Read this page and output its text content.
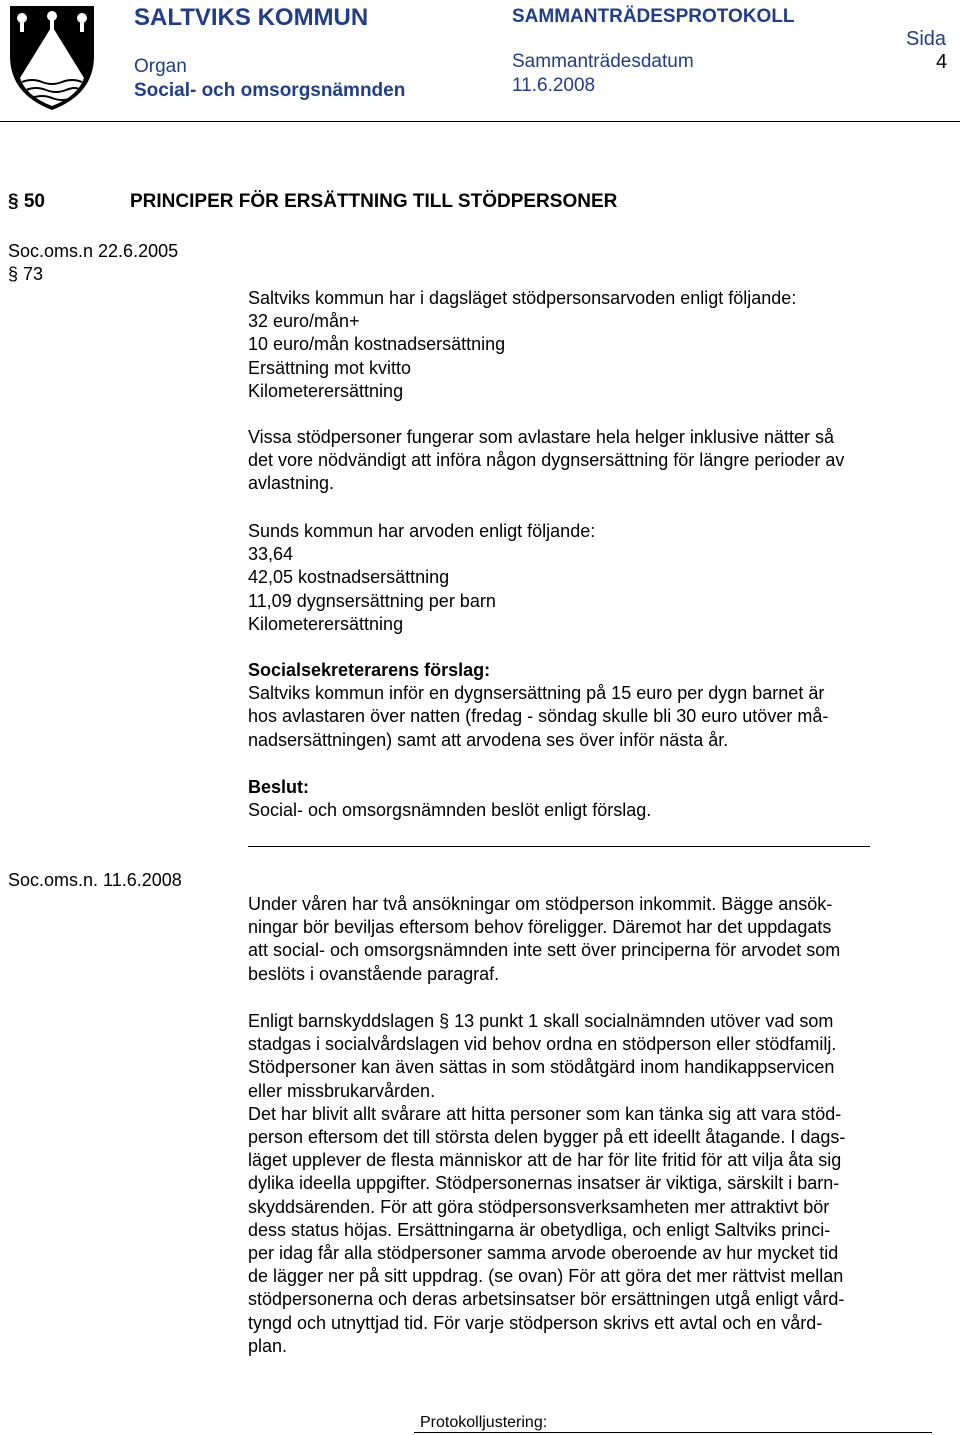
SALTVIKS KOMMUN
Organ
Social- och omsorgsnämnden
SAMMANTRÄDESPROTOKOLL
Sammanträdesdatum
11.6.2008
Sida
4
§ 50	PRINCIPER FÖR ERSÄTTNING TILL STÖDPERSONER
Soc.oms.n 22.6.2005
§ 73
Saltviks kommun har i dagsläget stödpersonsarvoden enligt följande:
32 euro/mån+
10 euro/mån kostnadsersättning
Ersättning mot kvitto
Kilometerersättning
Vissa stödpersoner fungerar som avlastare hela helger inklusive nätter så
det vore nödvändigt att införa någon dygnsersättning för längre perioder av
avlastning.
Sunds kommun har arvoden enligt följande:
33,64
42,05 kostnadsersättning
11,09 dygnsersättning per barn
Kilometerersättning
Socialsekreterarens förslag:
Saltviks kommun inför en dygnsersättning på 15 euro per dygn barnet är
hos avlastaren över natten (fredag - söndag skulle bli 30 euro utöver må-
nadsersättningen) samt att arvodena ses över inför nästa år.
Beslut:
Social- och omsorgsnämnden beslöt enligt förslag.
Soc.oms.n. 11.6.2008
Under våren har två ansökningar om stödperson inkommit. Bägge ansök-
ningar bör beviljas eftersom behov föreligger. Däremot har det uppdagats
att social- och omsorgsnämnden inte sett över principerna för arvodet som
beslöts i ovanstående paragraf.
Enligt barnskyddslagen § 13 punkt 1 skall socialnämnden utöver vad som
stadgas i socialvårdslagen vid behov ordna en stödperson eller stödfamilj.
Stödpersoner kan även sättas in som stödåtgärd inom handikappservicen
eller missbrukarvården.
Det har blivit allt svårare att hitta personer som kan tänka sig att vara stöd-
person eftersom det till största delen bygger på ett ideellt åtagande. I dags-
läget upplever de flesta människor att de har för lite fritid för att vilja åta sig
dylika ideella uppgifter. Stödpersonernas insatser är viktiga, särskilt i barn-
skyddsärenden. För att göra stödpersonsverksamheten mer attraktivt bör
dess status höjas. Ersättningarna är obetydliga, och enligt Saltviks princi-
per idag får alla stödpersoner samma arvode oberoende av hur mycket tid
de lägger ner på sitt uppdrag. (se ovan) För att göra det mer rättvist mellan
stödpersonerna och deras arbetsinsatser bör ersättningen utgå enligt vård-
tyngd och utnyttjad tid. För varje stödperson skrivs ett avtal och en vård-
plan.
Protokolljustering:
